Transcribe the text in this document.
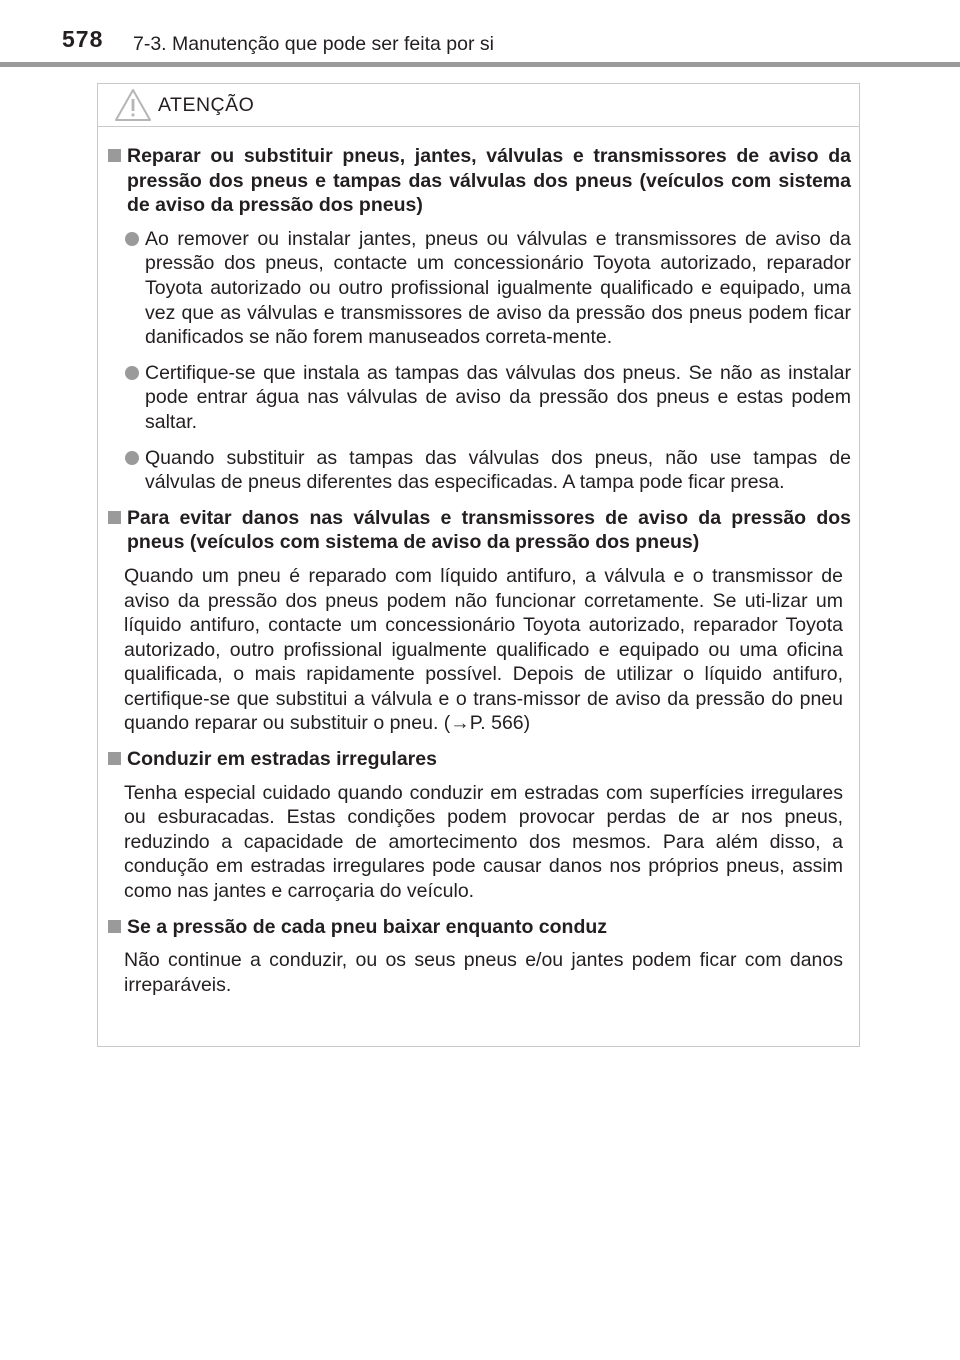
578 7-3. Manutenção que pode ser feita por si
ATENÇÃO
Reparar ou substituir pneus, jantes, válvulas e transmissores de aviso da pressão dos pneus e tampas das válvulas dos pneus (veículos com sistema de aviso da pressão dos pneus)
Ao remover ou instalar jantes, pneus ou válvulas e transmissores de aviso da pressão dos pneus, contacte um concessionário Toyota autorizado, reparador Toyota autorizado ou outro profissional igualmente qualificado e equipado, uma vez que as válvulas e transmissores de aviso da pressão dos pneus podem ficar danificados se não forem manuseados correta-mente.
Certifique-se que instala as tampas das válvulas dos pneus. Se não as instalar pode entrar água nas válvulas de aviso da pressão dos pneus e estas podem saltar.
Quando substituir as tampas das válvulas dos pneus, não use tampas de válvulas de pneus diferentes das especificadas. A tampa pode ficar presa.
Para evitar danos nas válvulas e transmissores de aviso da pressão dos pneus (veículos com sistema de aviso da pressão dos pneus)
Quando um pneu é reparado com líquido antifuro, a válvula e o transmissor de aviso da pressão dos pneus podem não funcionar corretamente. Se uti-lizar um líquido antifuro, contacte um concessionário Toyota autorizado, reparador Toyota autorizado, outro profissional igualmente qualificado e equipado ou uma oficina qualificada, o mais rapidamente possível. Depois de utilizar o líquido antifuro, certifique-se que substitui a válvula e o trans-missor de aviso da pressão do pneu quando reparar ou substituir o pneu. (→P. 566)
Conduzir em estradas irregulares
Tenha especial cuidado quando conduzir em estradas com superfícies irregulares ou esburacadas. Estas condições podem provocar perdas de ar nos pneus, reduzindo a capacidade de amortecimento dos mesmos. Para além disso, a condução em estradas irregulares pode causar danos nos próprios pneus, assim como nas jantes e carroçaria do veículo.
Se a pressão de cada pneu baixar enquanto conduz
Não continue a conduzir, ou os seus pneus e/ou jantes podem ficar com danos irreparáveis.
